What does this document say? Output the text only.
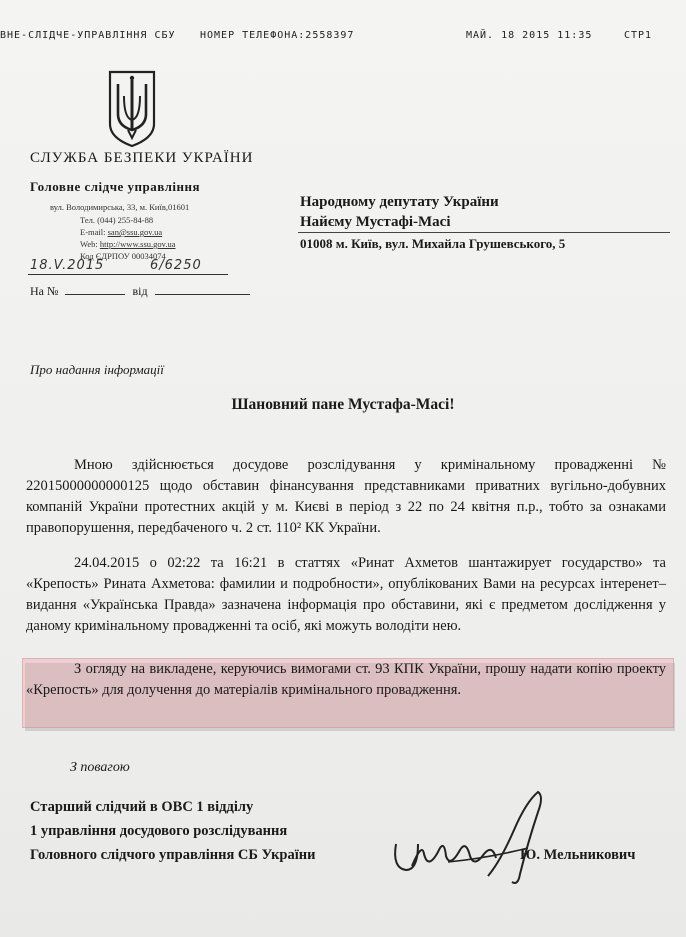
ВНЕ-СЛІДЧЕ-УПРАВЛІННЯ СБУ НОМЕР ТЕЛЕФОНА:2558397	МАЙ. 18 2015 11:35	СТР1
СЛУЖБА БЕЗПЕКИ УКРАЇНИ
Головне слідче управління
вул. Володимирська, 33, м. Київ,01601
Тел. (044) 255-84-88
E-mail: san@ssu.gov.ua
Web: http://www.ssu.gov.ua
Код ЄДРПОУ 00034074
18.V.2015	6/6250
На №	від
Народному депутату України
Найєму Мустафі-Масі
01008 м. Київ, вул. Михайла Грушевського, 5
Про надання інформації
Шановний пане Мустафа-Масі!
Мною здійснюється досудове розслідування у кримінальному провадженні № 22015000000000125 щодо обставин фінансування представниками приватних вугільно-добувних компаній України протестних акцій у м. Києві в період з 22 по 24 квітня п.р., тобто за ознаками правопорушення, передбаченого ч. 2 ст. 110² КК України.
24.04.2015 о 02:22 та 16:21 в статтях «Ринат Ахметов шантажирует государство» та «Крепость» Рината Ахметова: фамилии и подробности», опублікованих Вами на ресурсах інтеренет–видання «Українська Правда» зазначена інформація про обставини, які є предметом дослідження у даному кримінальному провадженні та осіб, які можуть володіти нею.
З огляду на викладене, керуючись вимогами ст. 93 КПК України, прошу надати копію проекту «Крепость» для долучення до матеріалів кримінального провадження.
З повагою
Старший слідчий в ОВС 1 відділу
1 управління досудового розслідування
Головного слідчого управління СБ України	Ю. Мельникович
